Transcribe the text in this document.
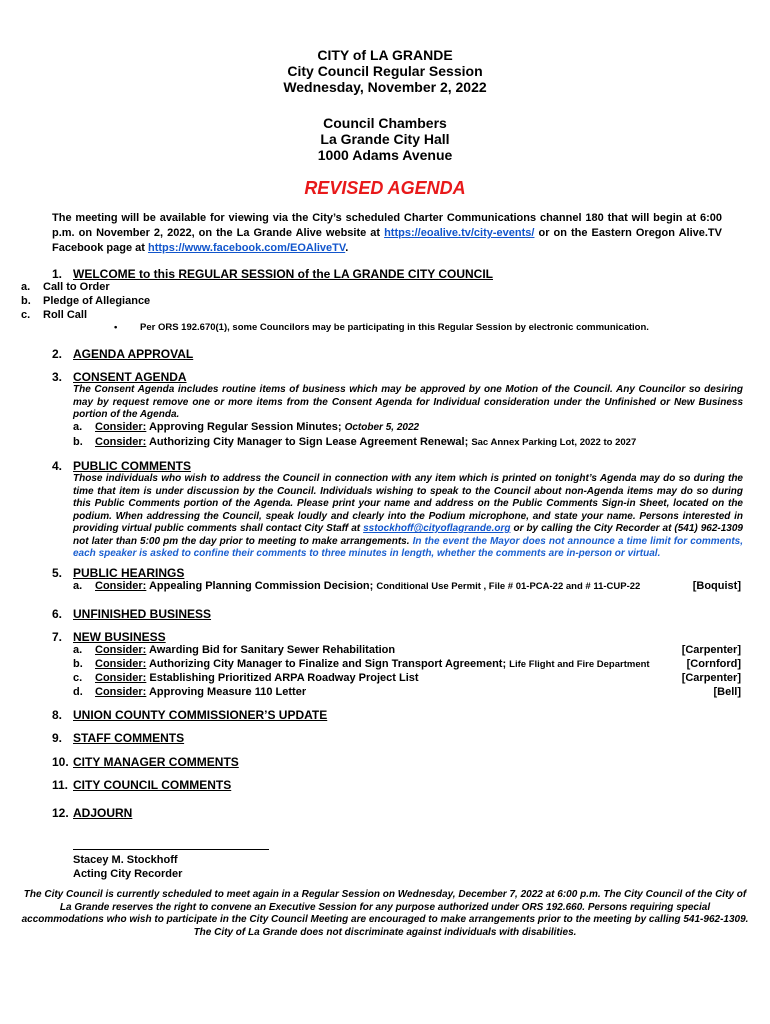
CITY of LA GRANDE
City Council Regular Session
Wednesday, November 2, 2022
Council Chambers
La Grande City Hall
1000 Adams Avenue
REVISED AGENDA
The meeting will be available for viewing via the City’s scheduled Charter Communications channel 180 that will begin at 6:00 p.m. on November 2, 2022, on the La Grande Alive website at https://eoalive.tv/city-events/ or on the Eastern Oregon Alive.TV Facebook page at https://www.facebook.com/EOAliveTV.
1. WELCOME to this REGULAR SESSION of the LA GRANDE CITY COUNCIL
a. Call to Order
b. Pledge of Allegiance
c. Roll Call
• Per ORS 192.670(1), some Councilors may be participating in this Regular Session by electronic communication.
2. AGENDA APPROVAL
3. CONSENT AGENDA
The Consent Agenda includes routine items of business which may be approved by one Motion of the Council. Any Councilor so desiring may by request remove one or more items from the Consent Agenda for Individual consideration under the Unfinished or New Business portion of the Agenda.
a. Consider: Approving Regular Session Minutes; October 5, 2022
b. Consider: Authorizing City Manager to Sign Lease Agreement Renewal; Sac Annex Parking Lot, 2022 to 2027
4. PUBLIC COMMENTS
Those individuals who wish to address the Council in connection with any item which is printed on tonight’s Agenda may do so during the time that item is under discussion by the Council. Individuals wishing to speak to the Council about non-Agenda items may do so during this Public Comments portion of the Agenda. Please print your name and address on the Public Comments Sign-in Sheet, located on the podium. When addressing the Council, speak loudly and clearly into the Podium microphone, and state your name. Persons interested in providing virtual public comments shall contact City Staff at sstockhoff@cityoflagrande.org or by calling the City Recorder at (541) 962-1309 not later than 5:00 pm the day prior to meeting to make arrangements. In the event the Mayor does not announce a time limit for comments, each speaker is asked to confine their comments to three minutes in length, whether the comments are in-person or virtual.
5. PUBLIC HEARINGS
a. Consider: Appealing Planning Commission Decision; Conditional Use Permit , File # 01-PCA-22 and # 11-CUP-22	[Boquist]
6. UNFINISHED BUSINESS
7. NEW BUSINESS
a. Consider: Awarding Bid for Sanitary Sewer Rehabilitation	[Carpenter]
b. Consider: Authorizing City Manager to Finalize and Sign Transport Agreement; Life Flight and Fire Department	[Cornford]
c. Consider: Establishing Prioritized ARPA Roadway Project List	[Carpenter]
d. Consider: Approving Measure 110 Letter	[Bell]
8. UNION COUNTY COMMISSIONER’S UPDATE
9. STAFF COMMENTS
10. CITY MANAGER COMMENTS
11. CITY COUNCIL COMMENTS
12. ADJOURN
Stacey M. Stockhoff
Acting City Recorder
The City Council is currently scheduled to meet again in a Regular Session on Wednesday, December 7, 2022 at 6:00 p.m. The City Council of the City of La Grande reserves the right to convene an Executive Session for any purpose authorized under ORS 192.660. Persons requiring special accommodations who wish to participate in the City Council Meeting are encouraged to make arrangements prior to the meeting by calling 541-962-1309. The City of La Grande does not discriminate against individuals with disabilities.
